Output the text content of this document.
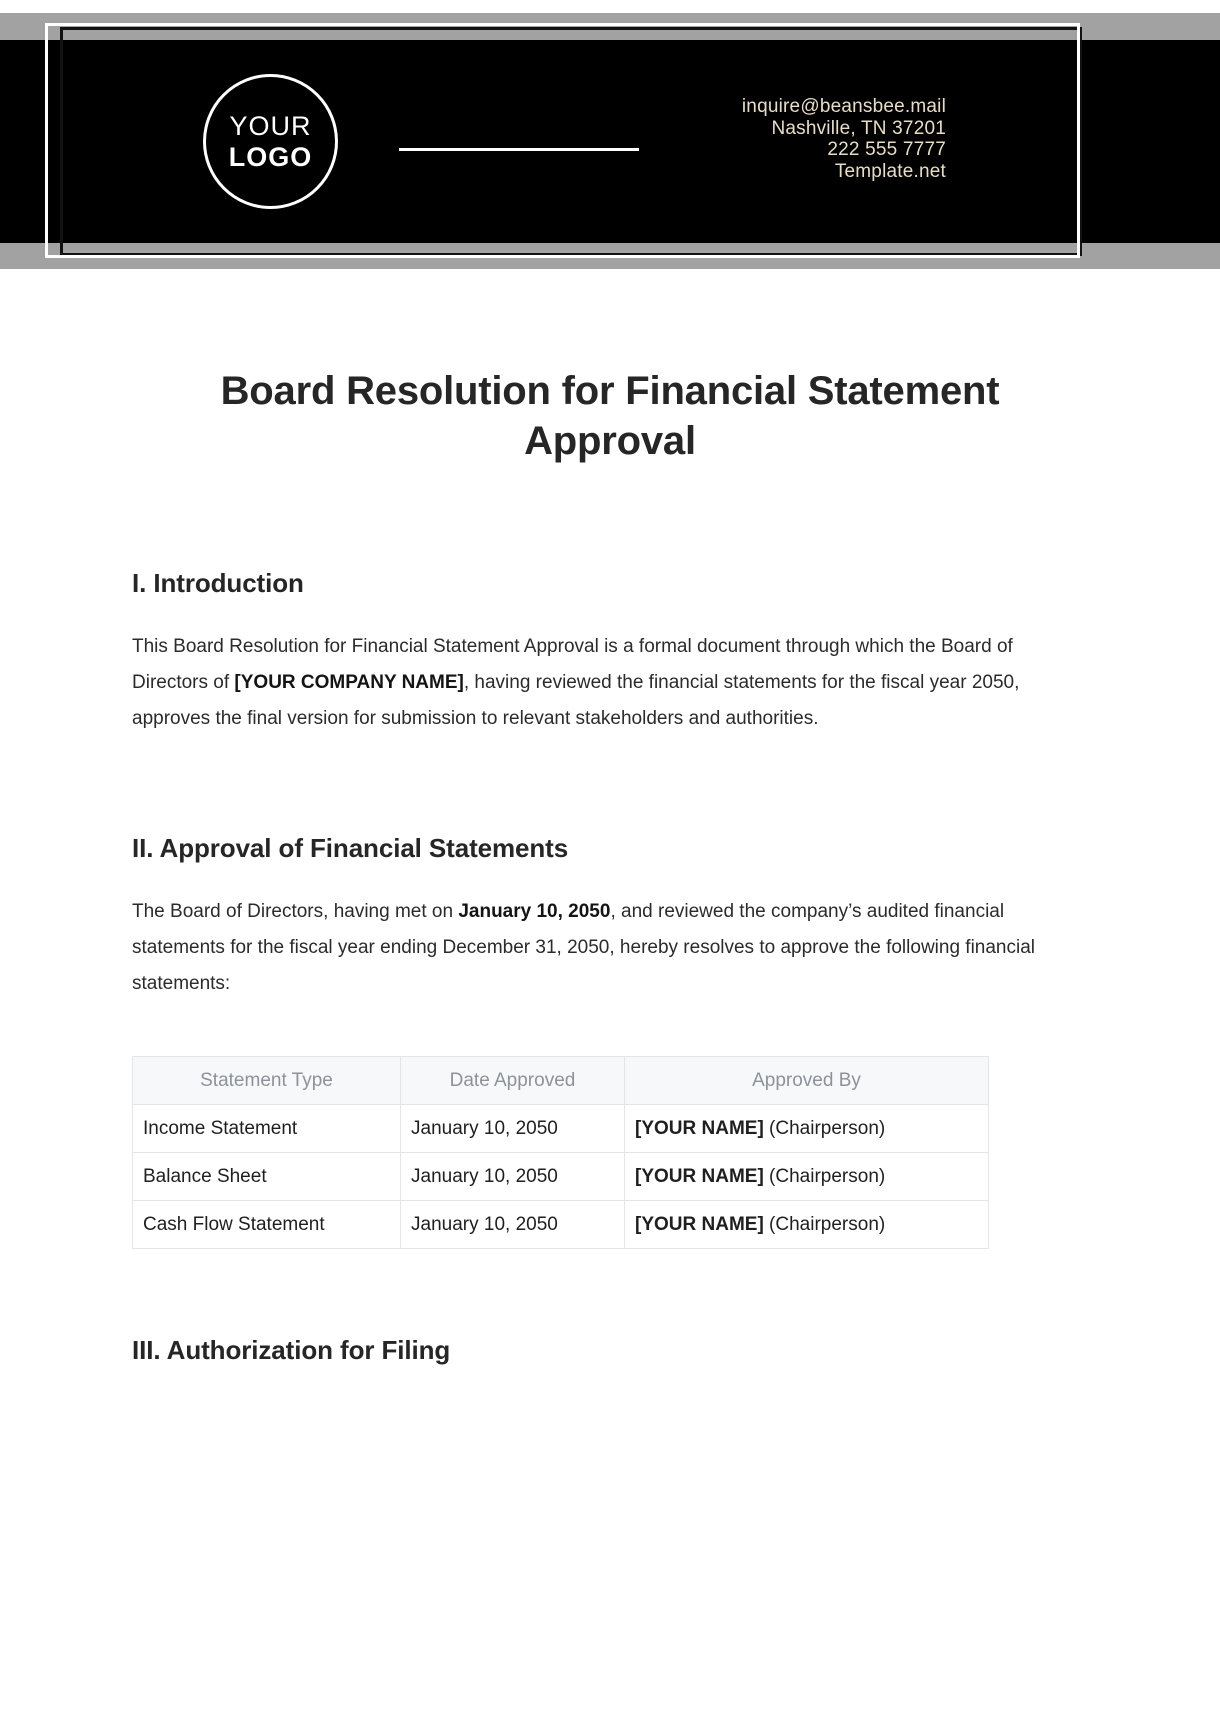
YOUR
LOGO
inquire@beansbee.mail
Nashville, TN 37201
222 555 7777
Template.net
Board Resolution for Financial Statement Approval
I. Introduction
This Board Resolution for Financial Statement Approval is a formal document through which the Board of Directors of [YOUR COMPANY NAME], having reviewed the financial statements for the fiscal year 2050, approves the final version for submission to relevant stakeholders and authorities.
II. Approval of Financial Statements
The Board of Directors, having met on January 10, 2050, and reviewed the company’s audited financial statements for the fiscal year ending December 31, 2050, hereby resolves to approve the following financial statements:
Statement Type	Date Approved	Approved By
Income Statement	January 10, 2050	[YOUR NAME] (Chairperson)
Balance Sheet	January 10, 2050	[YOUR NAME] (Chairperson)
Cash Flow Statement	January 10, 2050	[YOUR NAME] (Chairperson)
III. Authorization for Filing
